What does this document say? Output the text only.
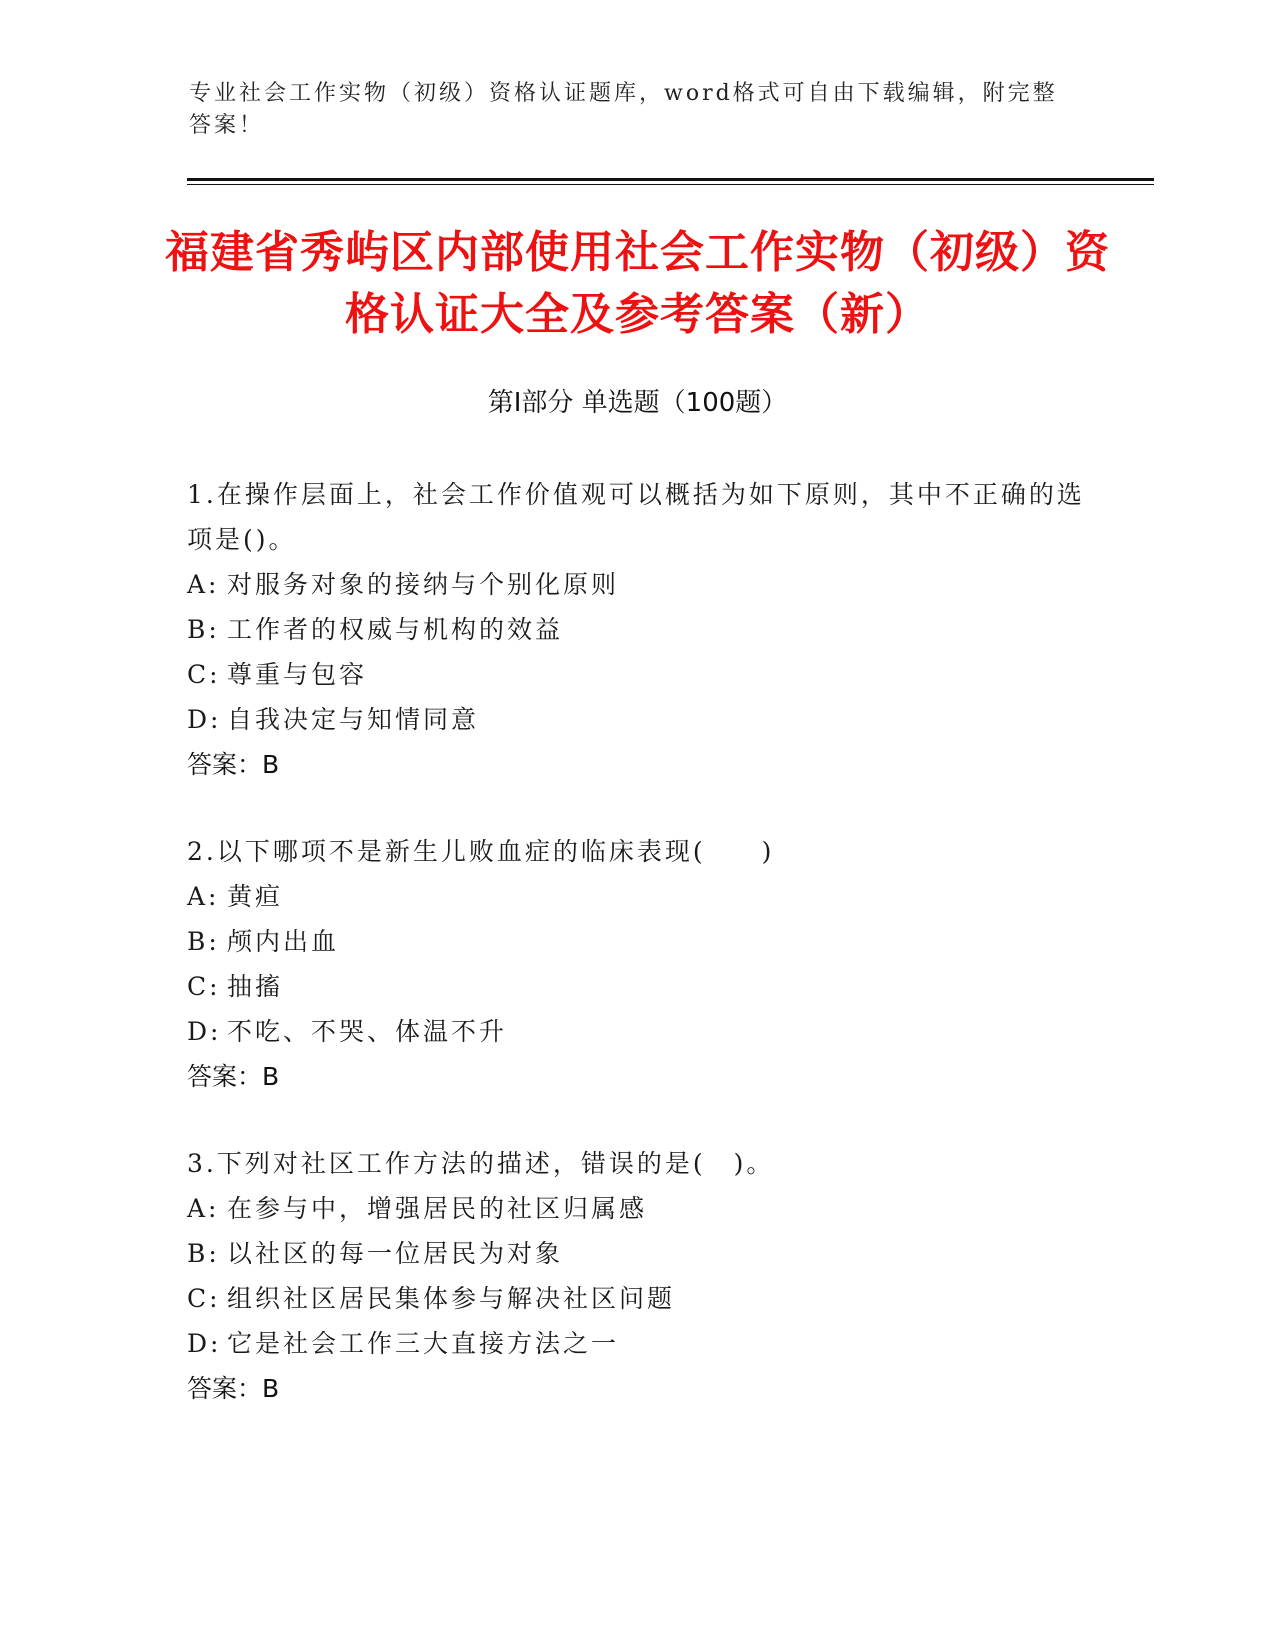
专业社会工作实物（初级）资格认证题库，word格式可自由下载编辑，附完整答案！
福建省秀屿区内部使用社会工作实物（初级）资格认证大全及参考答案（新）
第Ⅰ部分 单选题（100题）

1.在操作层面上，社会工作价值观可以概括为如下原则，其中不正确的选项是()。

A: 对服务对象的接纳与个别化原则

B: 工作者的权威与机构的效益

C: 尊重与包容

D: 自我决定与知情同意

答案：B

2.以下哪项不是新生儿败血症的临床表现(　　)

A: 黄疸

B: 颅内出血

C: 抽搐

D: 不吃、不哭、体温不升

答案：B

3.下列对社区工作方法的描述，错误的是(　)。

A: 在参与中，增强居民的社区归属感

B: 以社区的每一位居民为对象

C: 组织社区居民集体参与解决社区问题

D: 它是社会工作三大直接方法之一

答案：B
